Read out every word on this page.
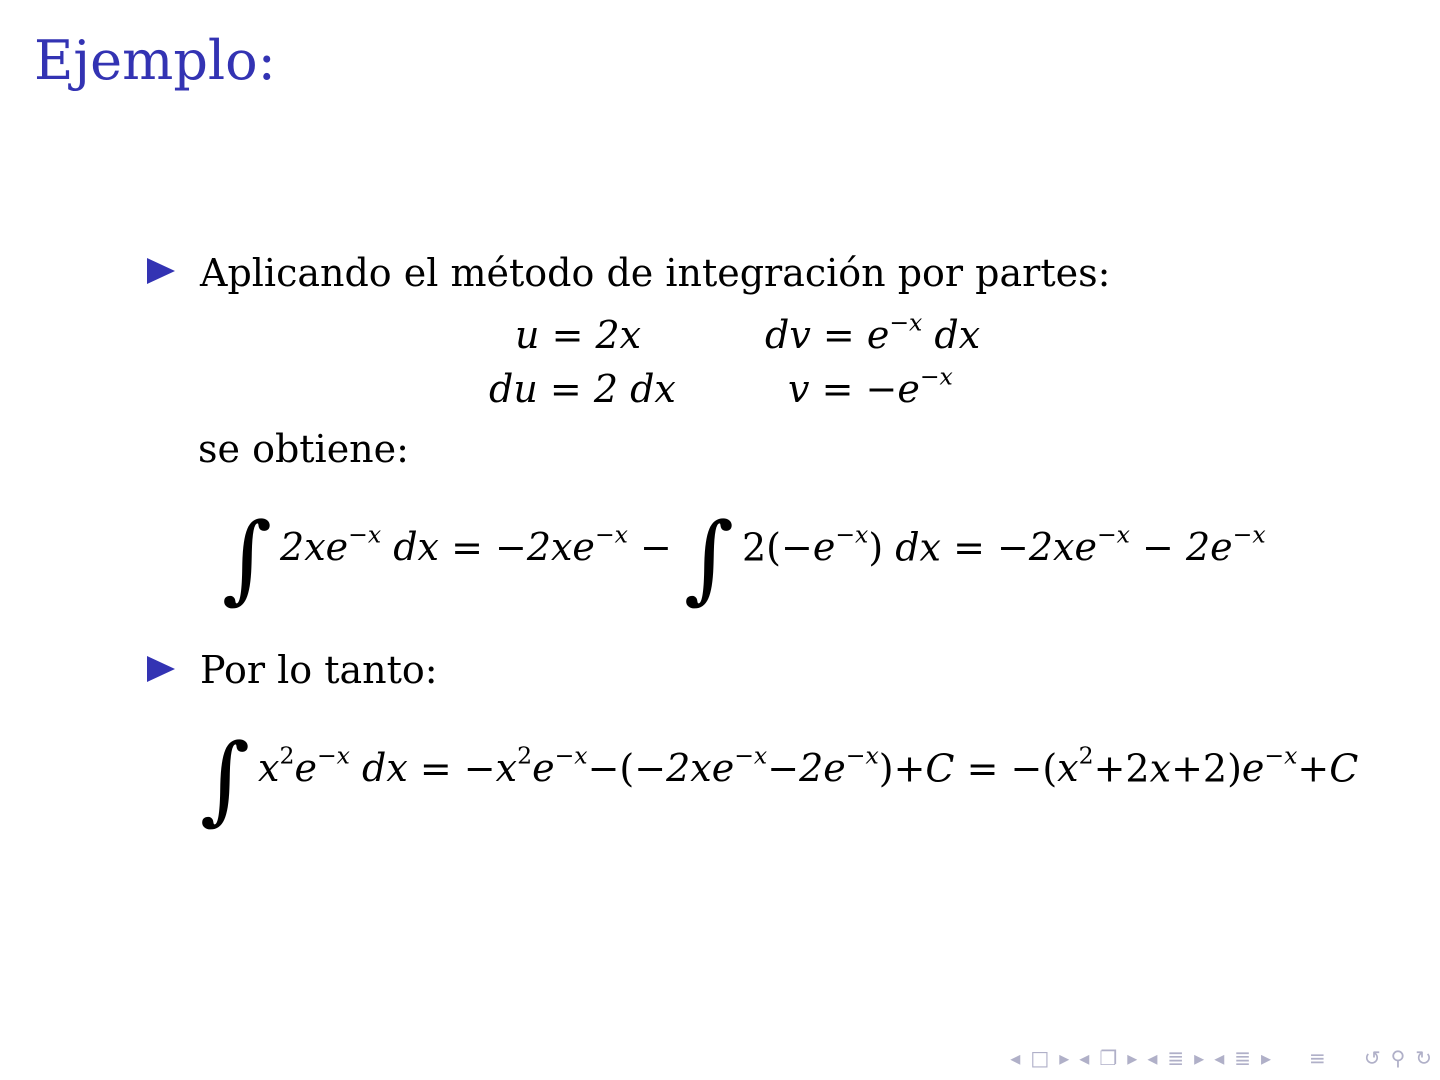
Ejemplo:
Aplicando el método de integración por partes:
u = 2x	dv = $e^{-x}$ dx
du = 2 dx	$v = -e^{-x}$
se obtiene:
∫ $2xe^{-x}$ dx = $-2xe^{-x}$ − ∫ $2(-e^{-x})$ dx = $-2xe^{-x} - 2e^{-x}$
Por lo tanto:
∫ $x^2e^{-x}$ dx = $-x^2e^{-x}-(-2xe^{-x}-2e^{-x})+C = -(x^2+2x+2)e^{-x}+C$
◂ □ ▸ ◂ ❐ ▸ ◂ ≣ ▸ ◂ ≣ ▸ ≡ ↺ ⚲ ↻
